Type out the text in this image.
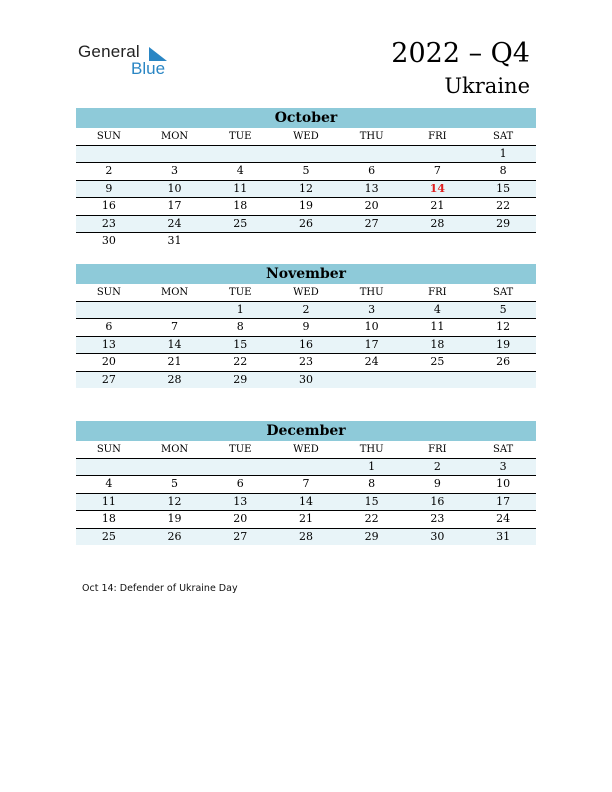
General
Blue	2022 – Q4
Ukraine
October
SUN	MON	TUE	WED	THU	FRI	SAT
						1
2	3	4	5	6	7	8
9	10	11	12	13	14	15
16	17	18	19	20	21	22
23	24	25	26	27	28	29
30	31					
November
SUN	MON	TUE	WED	THU	FRI	SAT
		1	2	3	4	5
6	7	8	9	10	11	12
13	14	15	16	17	18	19
20	21	22	23	24	25	26
27	28	29	30			
December
SUN	MON	TUE	WED	THU	FRI	SAT
				1	2	3
4	5	6	7	8	9	10
11	12	13	14	15	16	17
18	19	20	21	22	23	24
25	26	27	28	29	30	31
Oct 14: Defender of Ukraine Day
